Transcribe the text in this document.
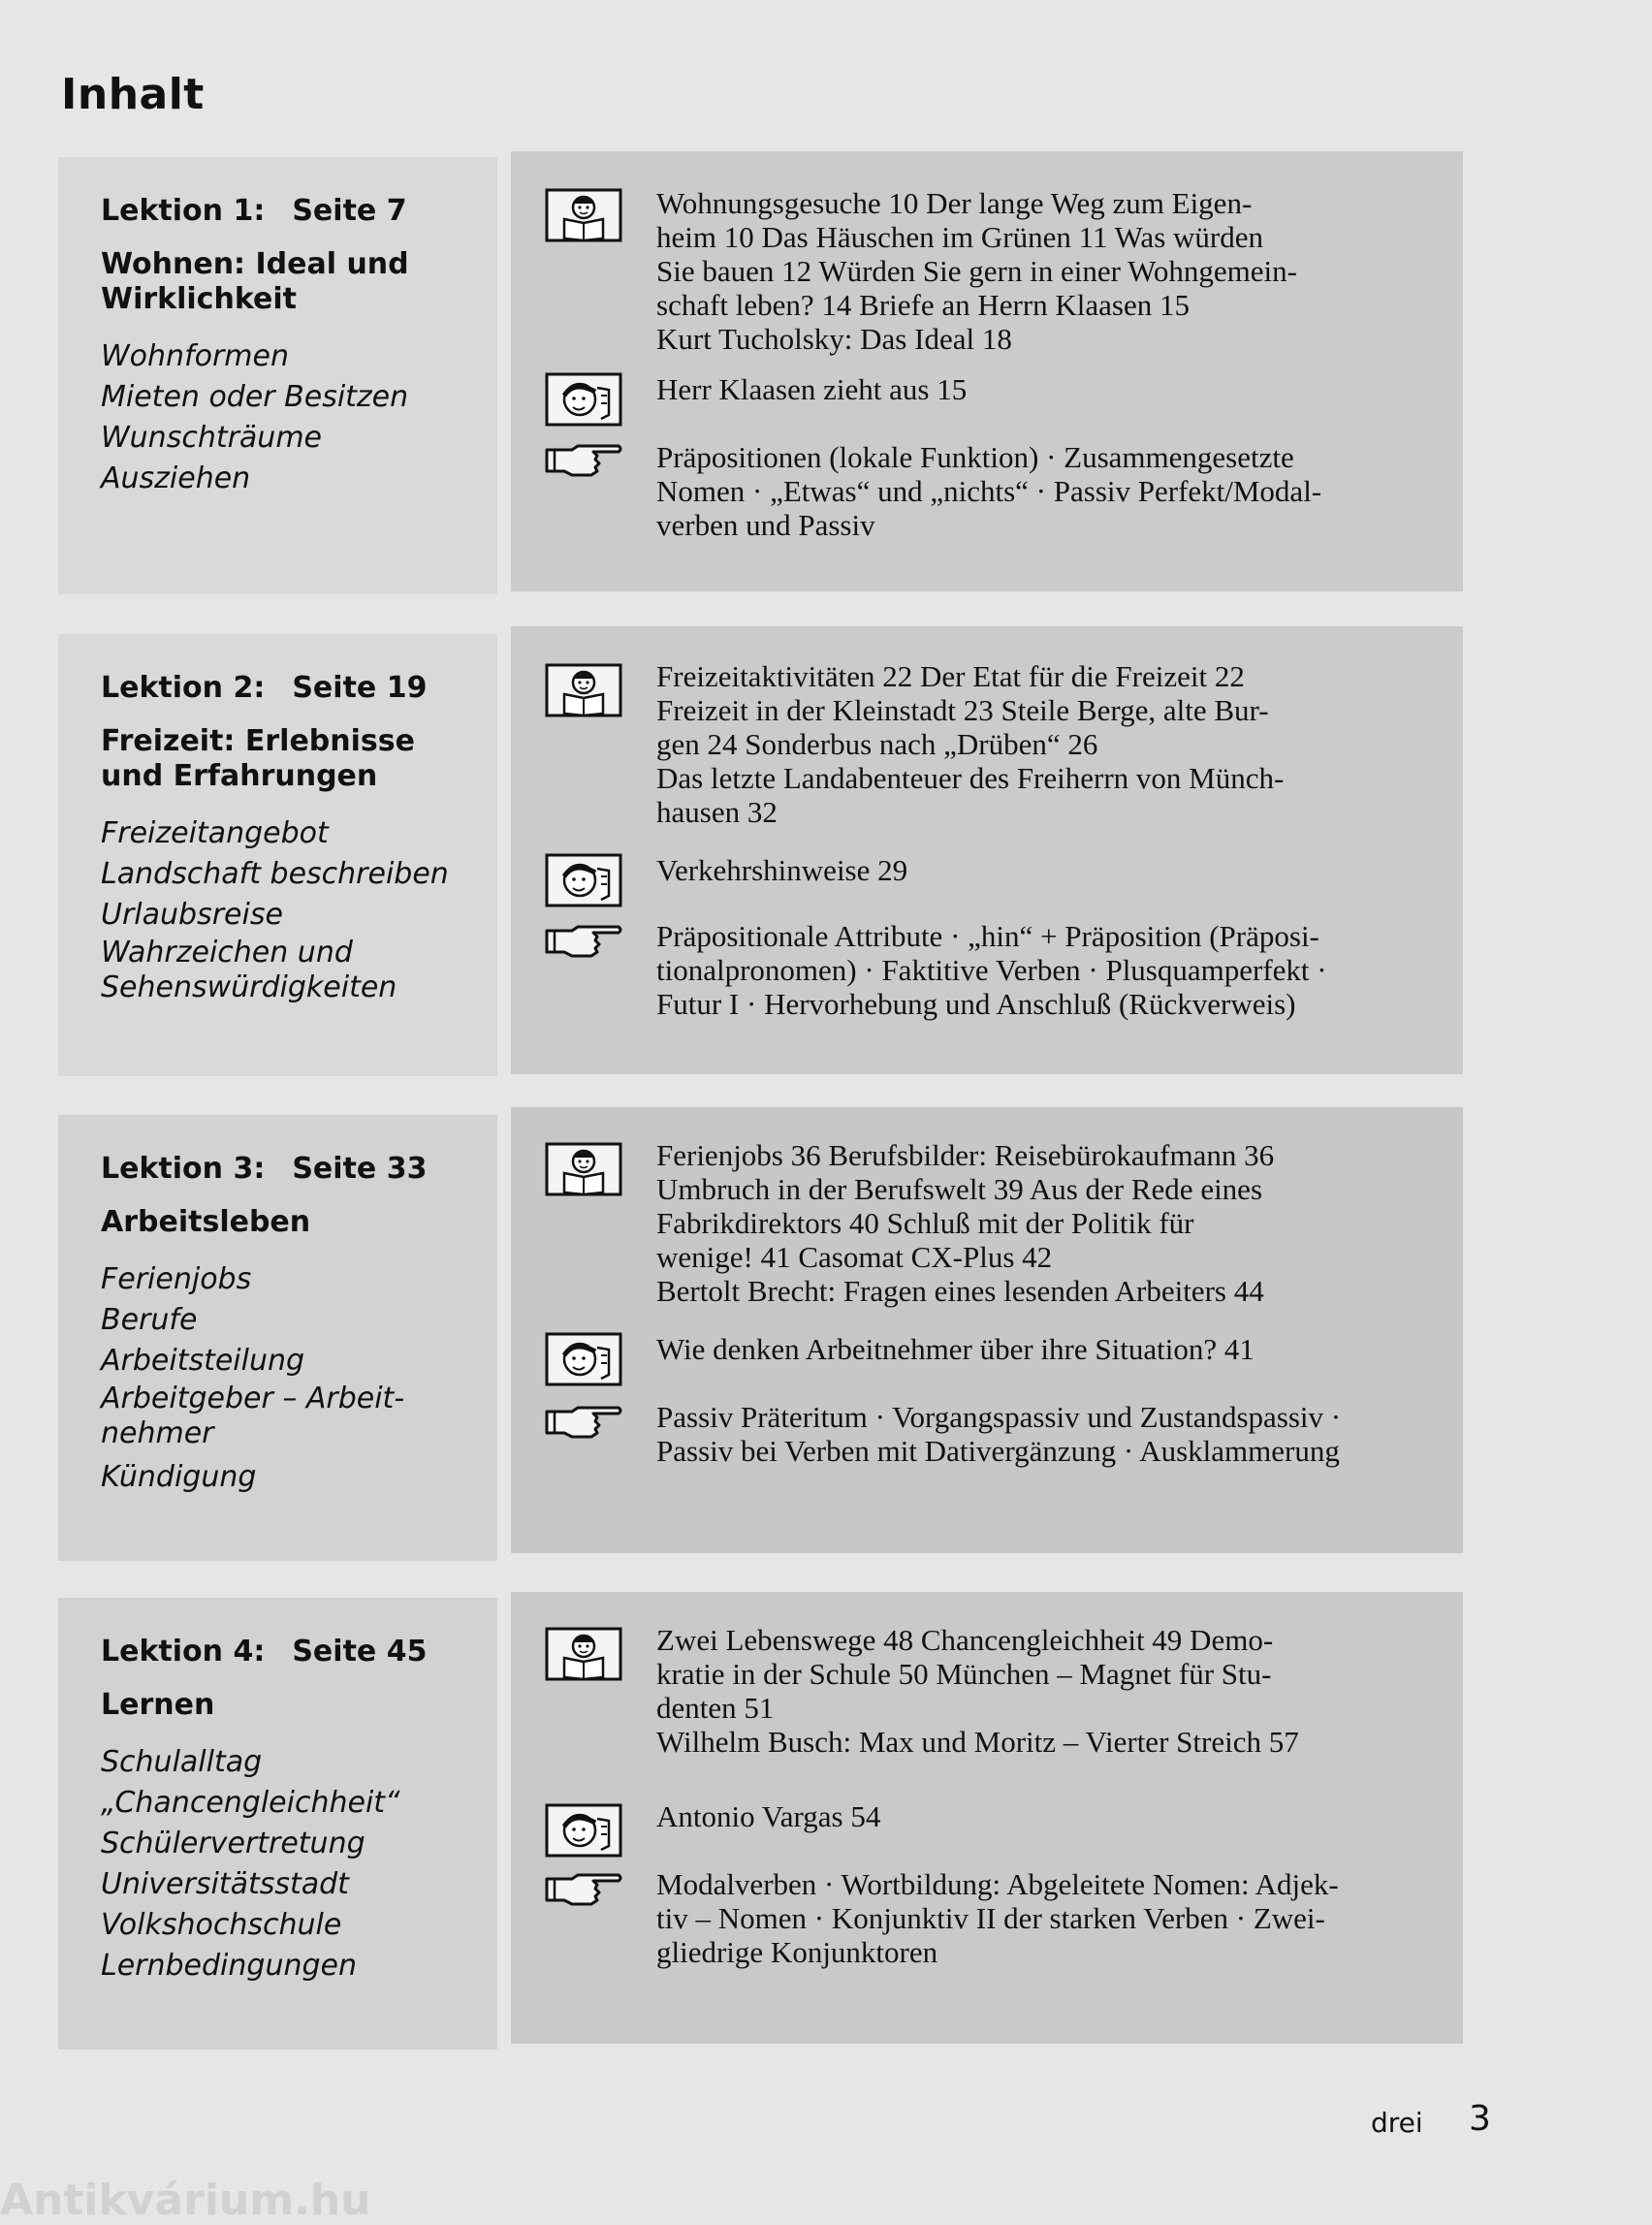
Inhalt
Lektion 1: Seite 7
Wohnen: Ideal und Wirklichkeit
Wohnformen
Mieten oder Besitzen
Wunschträume
Ausziehen
Wohnungsgesuche 10 Der lange Weg zum Eigen-
heim 10 Das Häuschen im Grünen 11 Was würden
Sie bauen 12 Würden Sie gern in einer Wohngemein-
schaft leben? 14 Briefe an Herrn Klaasen 15
Kurt Tucholsky: Das Ideal 18
Herr Klaasen zieht aus 15
Präpositionen (lokale Funktion) · Zusammengesetzte
Nomen · „Etwas“ und „nichts“ · Passiv Perfekt/Modal-
verben und Passiv
Lektion 2: Seite 19
Freizeit: Erlebnisse und Erfahrungen
Freizeitangebot
Landschaft beschreiben
Urlaubsreise
Wahrzeichen und Sehenswürdigkeiten
Freizeitaktivitäten 22 Der Etat für die Freizeit 22
Freizeit in der Kleinstadt 23 Steile Berge, alte Bur-
gen 24 Sonderbus nach „Drüben“ 26
Das letzte Landabenteuer des Freiherrn von Münch-
hausen 32
Verkehrshinweise 29
Präpositionale Attribute · „hin“ + Präposition (Präposi-
tionalpronomen) · Faktitive Verben · Plusquamperfekt ·
Futur I · Hervorhebung und Anschluß (Rückverweis)
Lektion 3: Seite 33
Arbeitsleben
Ferienjobs
Berufe
Arbeitsteilung
Arbeitgeber – Arbeit-nehmer
Kündigung
Ferienjobs 36 Berufsbilder: Reisebürokaufmann 36
Umbruch in der Berufswelt 39 Aus der Rede eines
Fabrikdirektors 40 Schluß mit der Politik für
wenige! 41 Casomat CX-Plus 42
Bertolt Brecht: Fragen eines lesenden Arbeiters 44
Wie denken Arbeitnehmer über ihre Situation? 41
Passiv Präteritum · Vorgangspassiv und Zustandspassiv ·
Passiv bei Verben mit Dativergänzung · Ausklammerung
Lektion 4: Seite 45
Lernen
Schulalltag
„Chancengleichheit“
Schülervertretung
Universitätsstadt
Volkshochschule
Lernbedingungen
Zwei Lebenswege 48 Chancengleichheit 49 Demo-
kratie in der Schule 50 München – Magnet für Stu-
denten 51
Wilhelm Busch: Max und Moritz – Vierter Streich 57
Antonio Vargas 54
Modalverben · Wortbildung: Abgeleitete Nomen: Adjek-
tiv – Nomen · Konjunktiv II der starken Verben · Zwei-
gliedrige Konjunktoren
drei 3
Antikvárium.hu
